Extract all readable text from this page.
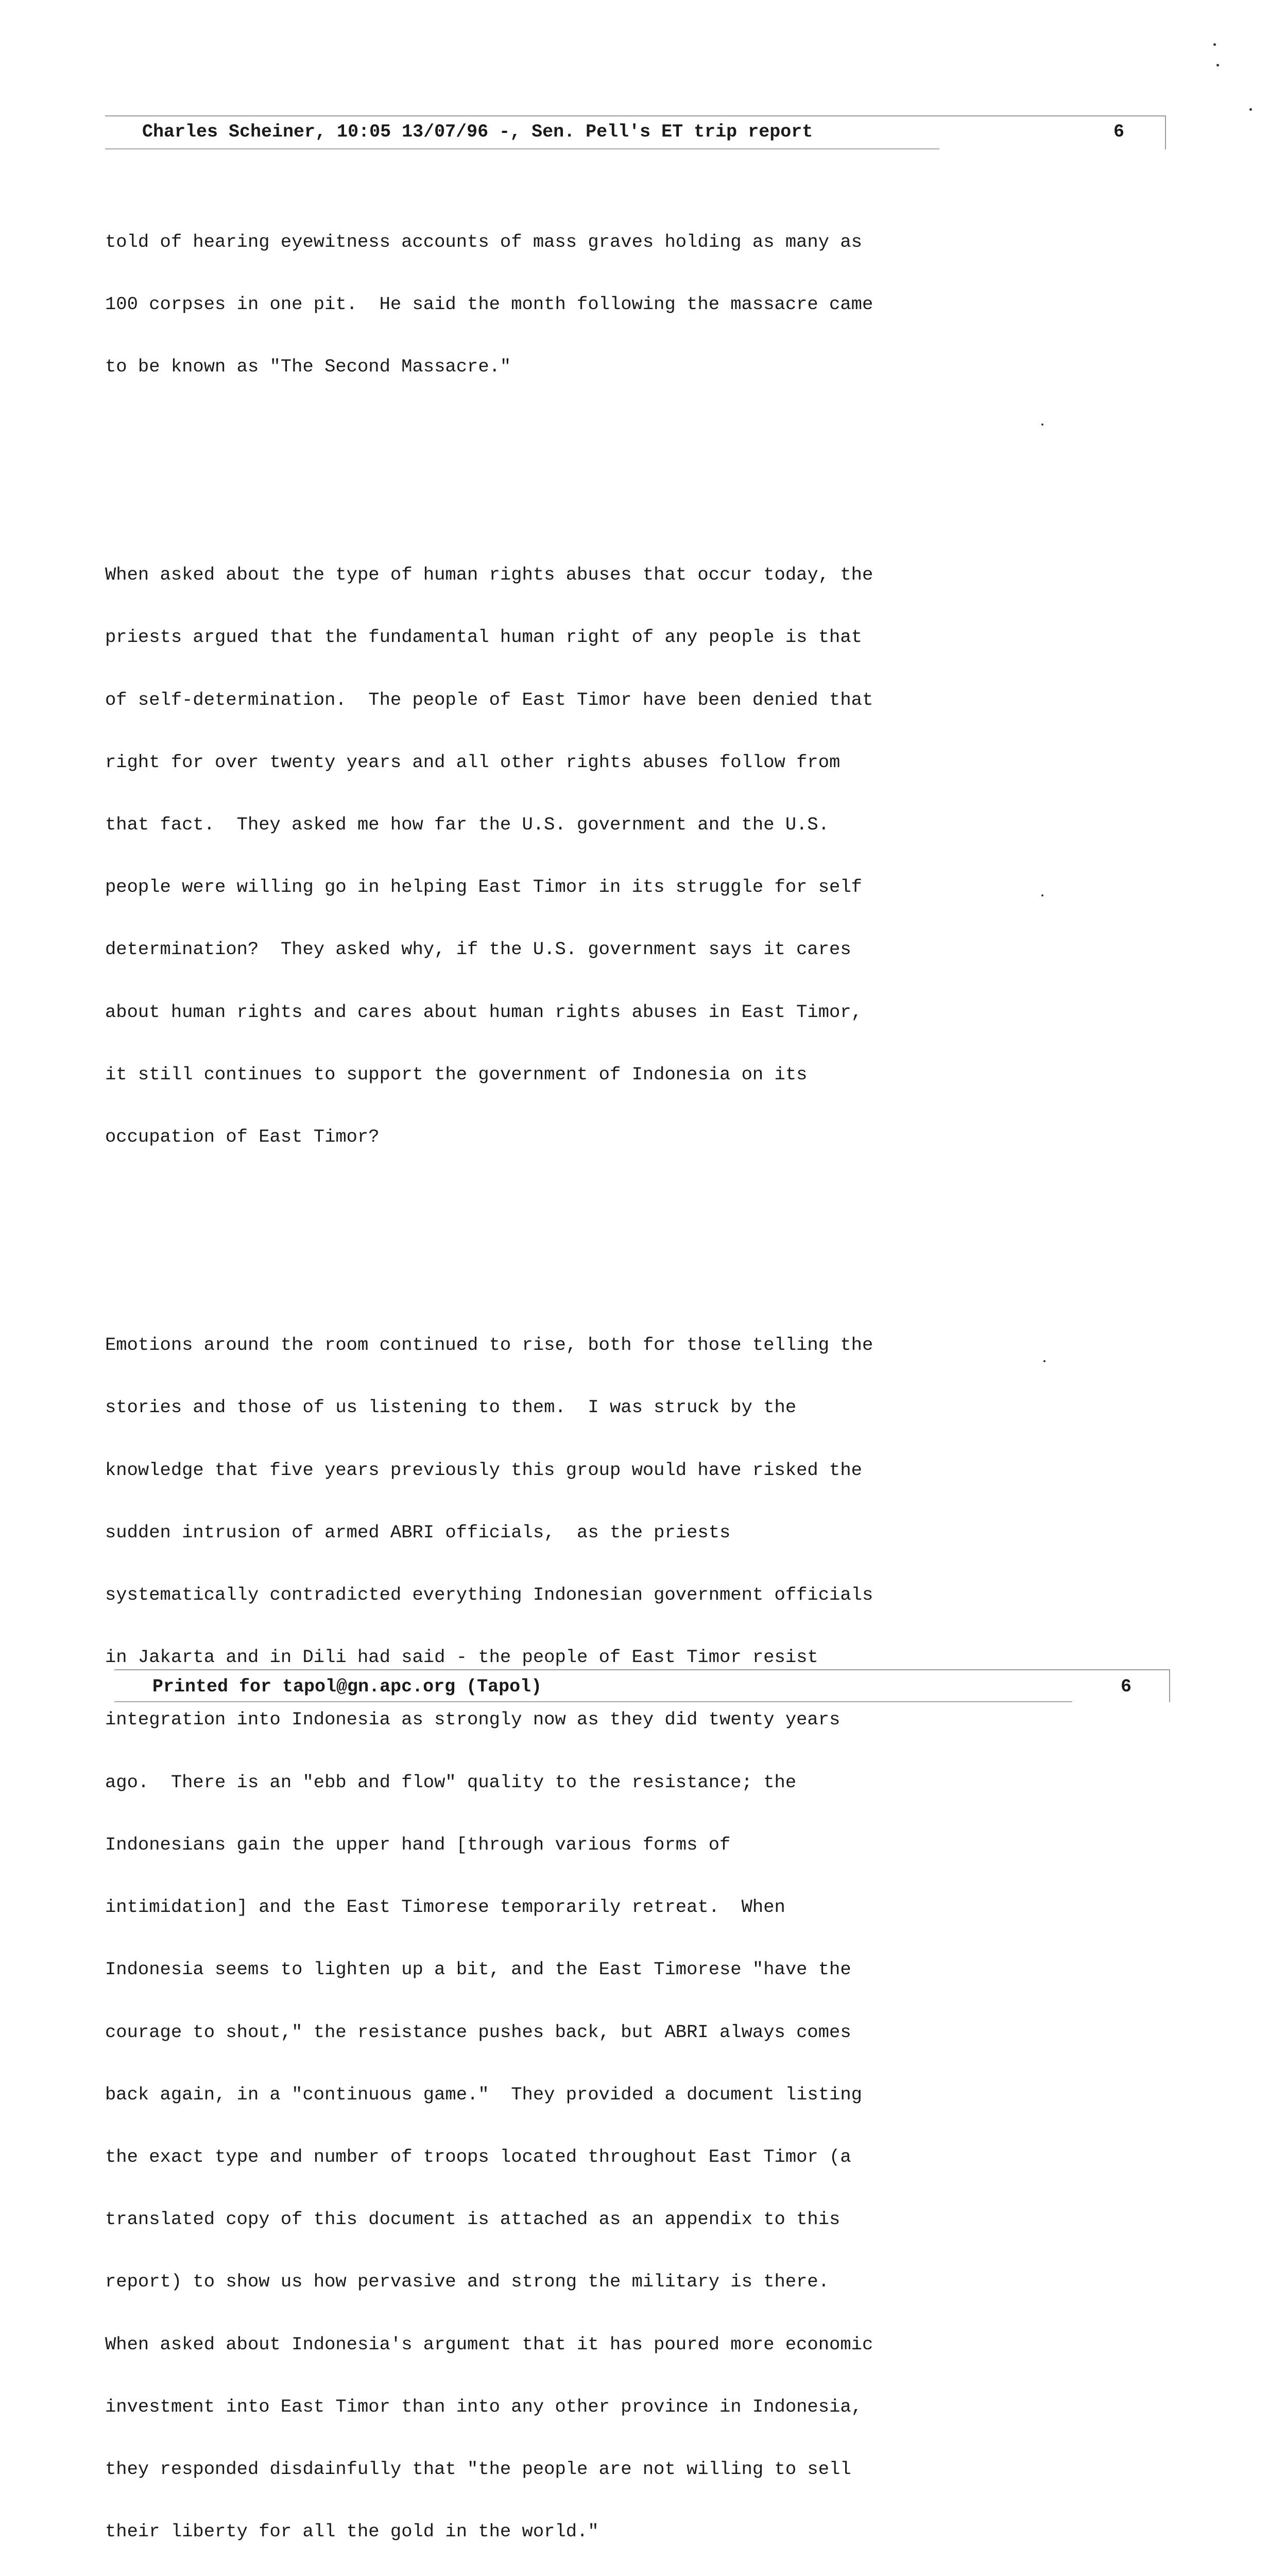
Charles Scheiner, 10:05 13/07/96 -, Sen. Pell's ET trip report	6

told of hearing eyewitness accounts of mass graves holding as many as

100 corpses in one pit.  He said the month following the massacre came

to be known as "The Second Massacre."

When asked about the type of human rights abuses that occur today, the

priests argued that the fundamental human right of any people is that

of self-determination.  The people of East Timor have been denied that

right for over twenty years and all other rights abuses follow from

that fact.  They asked me how far the U.S. government and the U.S.

people were willing go in helping East Timor in its struggle for self

determination?  They asked why, if the U.S. government says it cares

about human rights and cares about human rights abuses in East Timor,

it still continues to support the government of Indonesia on its

occupation of East Timor?

Emotions around the room continued to rise, both for those telling the

stories and those of us listening to them.  I was struck by the

knowledge that five years previously this group would have risked the

sudden intrusion of armed ABRI officials,  as the priests

systematically contradicted everything Indonesian government officials

in Jakarta and in Dili had said - the people of East Timor resist

integration into Indonesia as strongly now as they did twenty years

ago.  There is an "ebb and flow" quality to the resistance; the

Indonesians gain the upper hand [through various forms of

intimidation] and the East Timorese temporarily retreat.  When

Indonesia seems to lighten up a bit, and the East Timorese "have the

courage to shout," the resistance pushes back, but ABRI always comes

back again, in a "continuous game."  They provided a document listing

the exact type and number of troops located throughout East Timor (a

translated copy of this document is attached as an appendix to this

report) to show us how pervasive and strong the military is there.

When asked about Indonesia's argument that it has poured more economic

investment into East Timor than into any other province in Indonesia,

they responded disdainfully that "the people are not willing to sell

their liberty for all the gold in the world."

Printed for tapol@gn.apc.org (Tapol)	6
